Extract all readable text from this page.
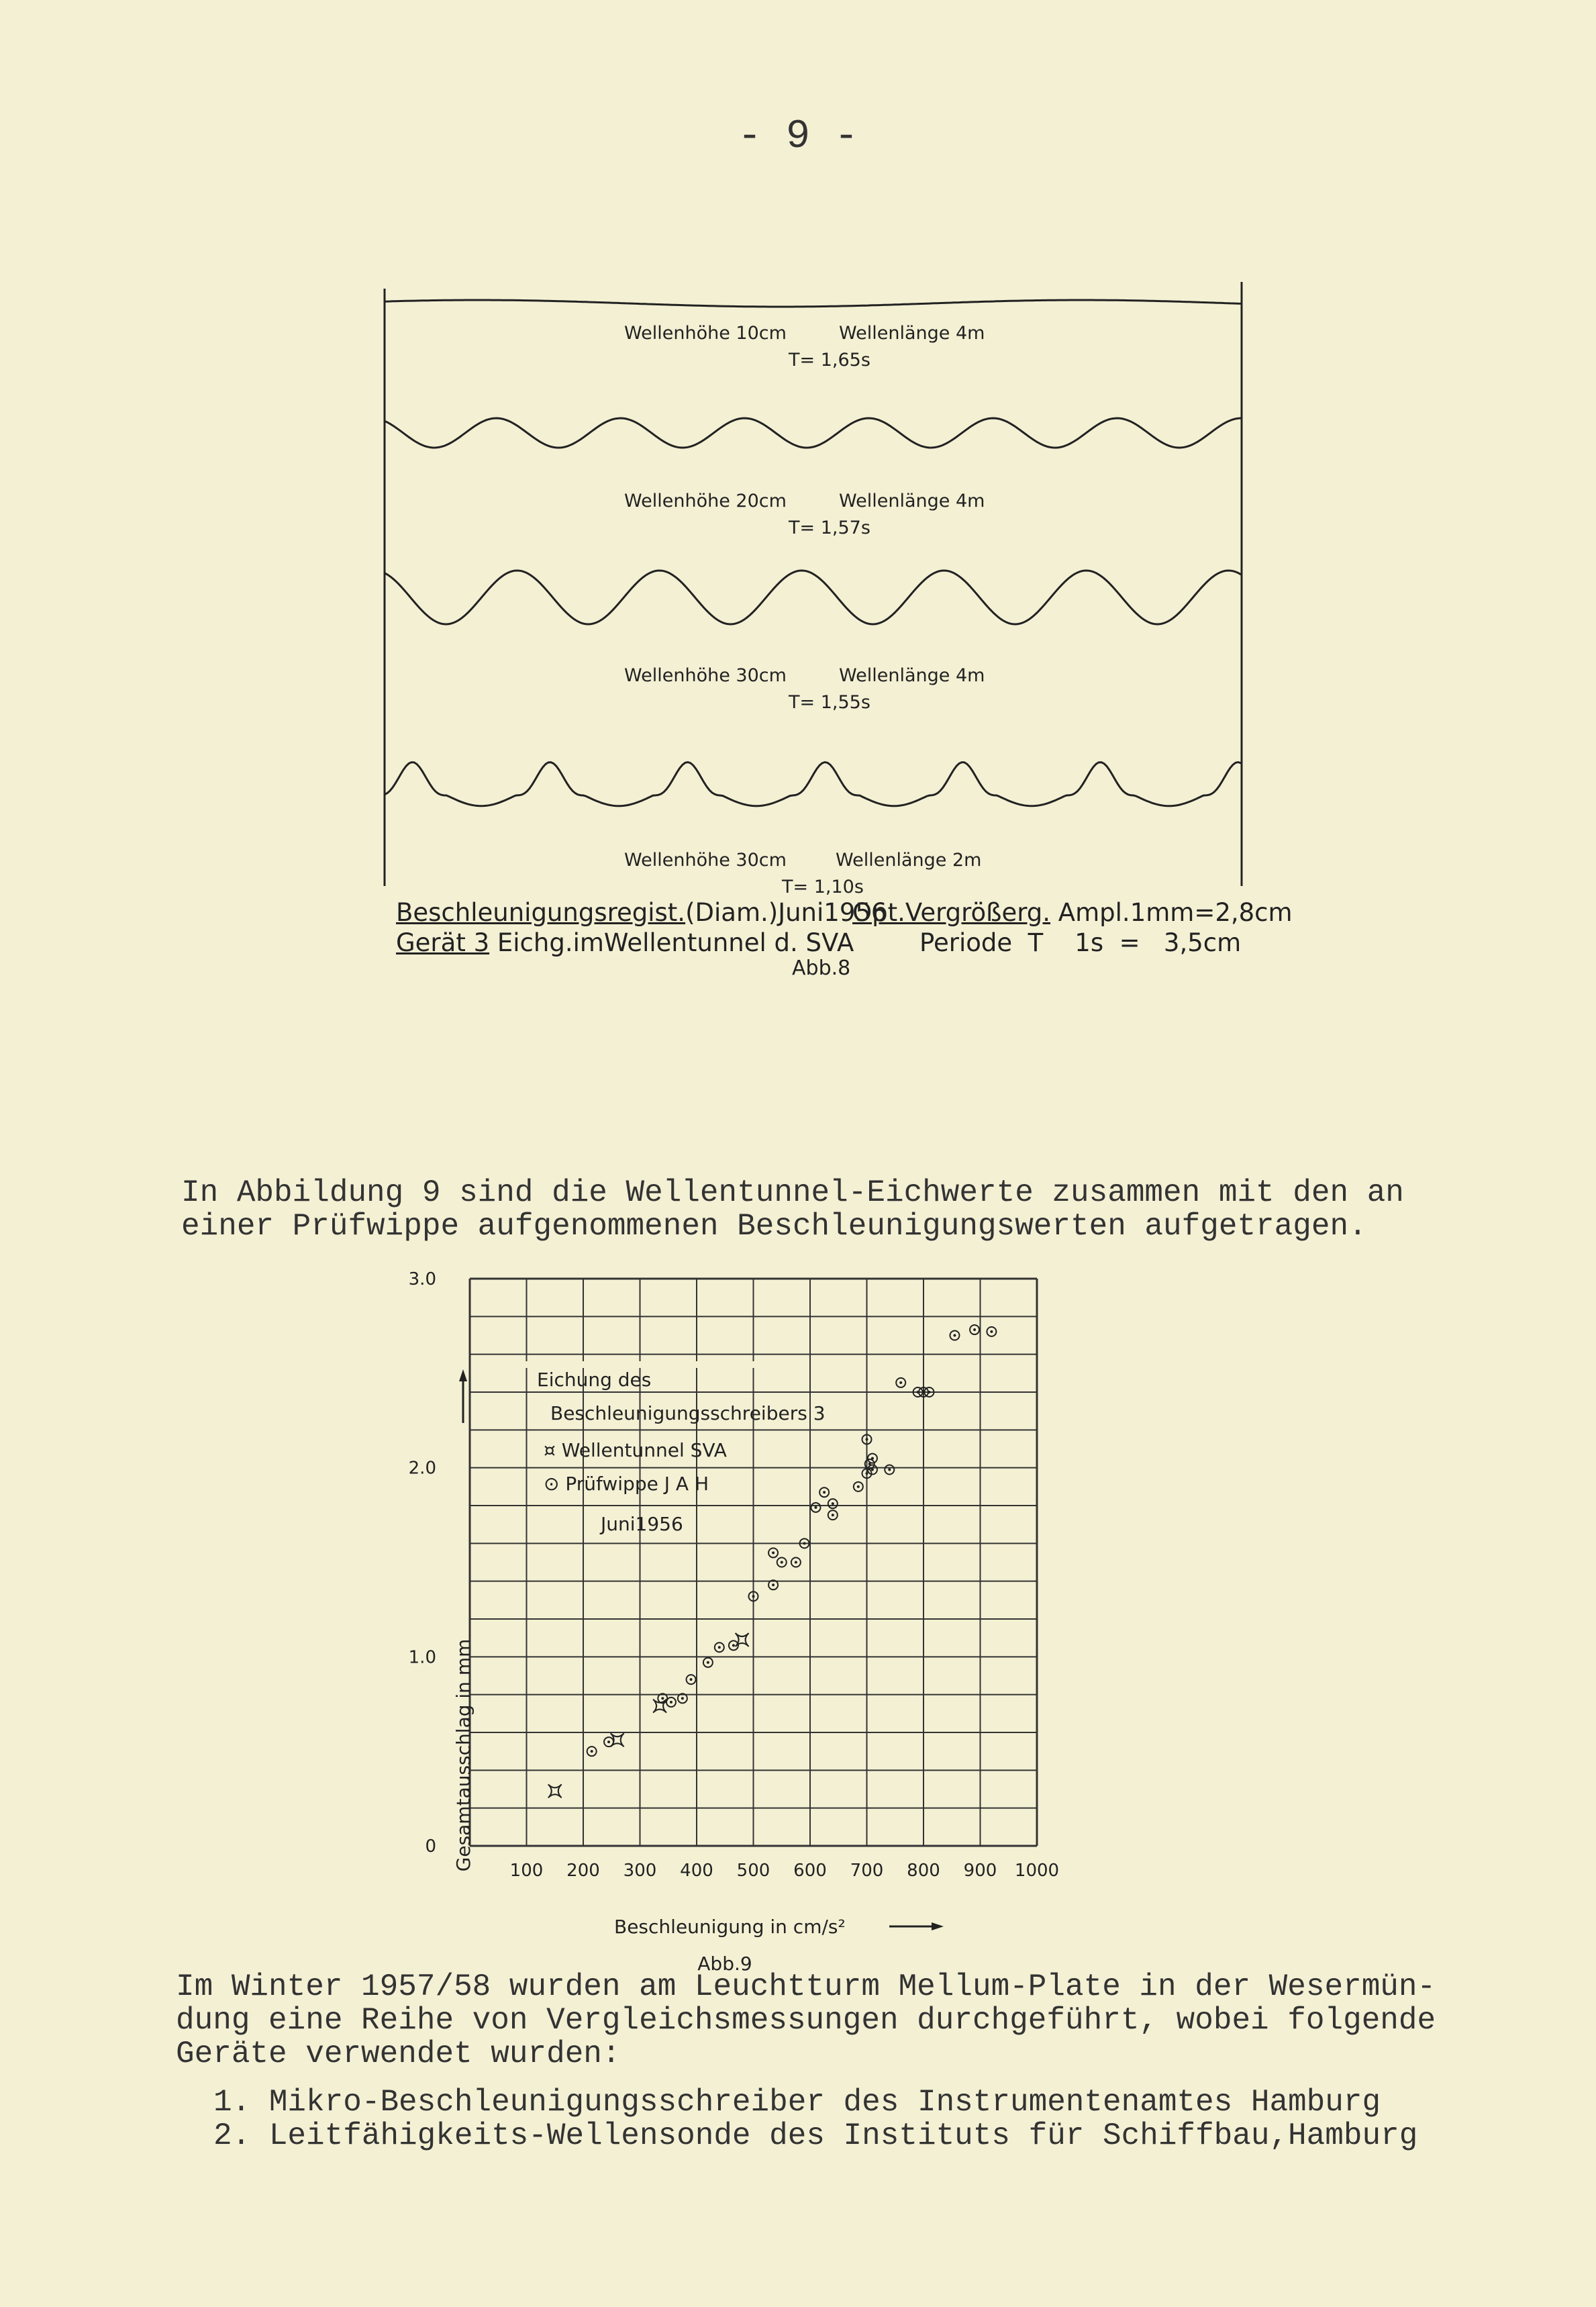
- 9 -
Wellenhöhe 10cm	Wellenlänge 4m
T= 1,65s
Wellenhöhe 20cm	Wellenlänge 4m
T= 1,57s
Wellenhöhe 30cm	Wellenlänge 4m
T= 1,55s
Wellenhöhe 30cm	Wellenlänge 2m
T= 1,10s
Beschleunigungsregist.(Diam.)Juni1956
Gerät 3 Eichg.imWellentunnel d. SVA
Opt.Vergrößerg. Ampl.1mm=2,8cm
Periode  T    1s  =   3,5cm
Abb.8
In Abbildung 9 sind die Wellentunnel-Eichwerte zusammen mit den an
einer Prüfwippe aufgenommenen Beschleunigungswerten aufgetragen.
100 200 300 400 500 600 700 800 900 1000
0
1.0
2.0
3.0
Eichung des
Beschleunigungsschreibers 3
¤ Wellentunnel SVA
⊙ Prüfwippe J A H
Juni1956
Gesamtausschlag in mm
Beschleunigung in cm/s²
Abb.9
Im Winter 1957/58 wurden am Leuchtturm Mellum-Plate in der Wesermün-
dung eine Reihe von Vergleichsmessungen durchgeführt, wobei folgende
Geräte verwendet wurden:
1. Mikro-Beschleunigungsschreiber des Instrumentenamtes Hamburg
2. Leitfähigkeits-Wellensonde des Instituts für Schiffbau,Hamburg
